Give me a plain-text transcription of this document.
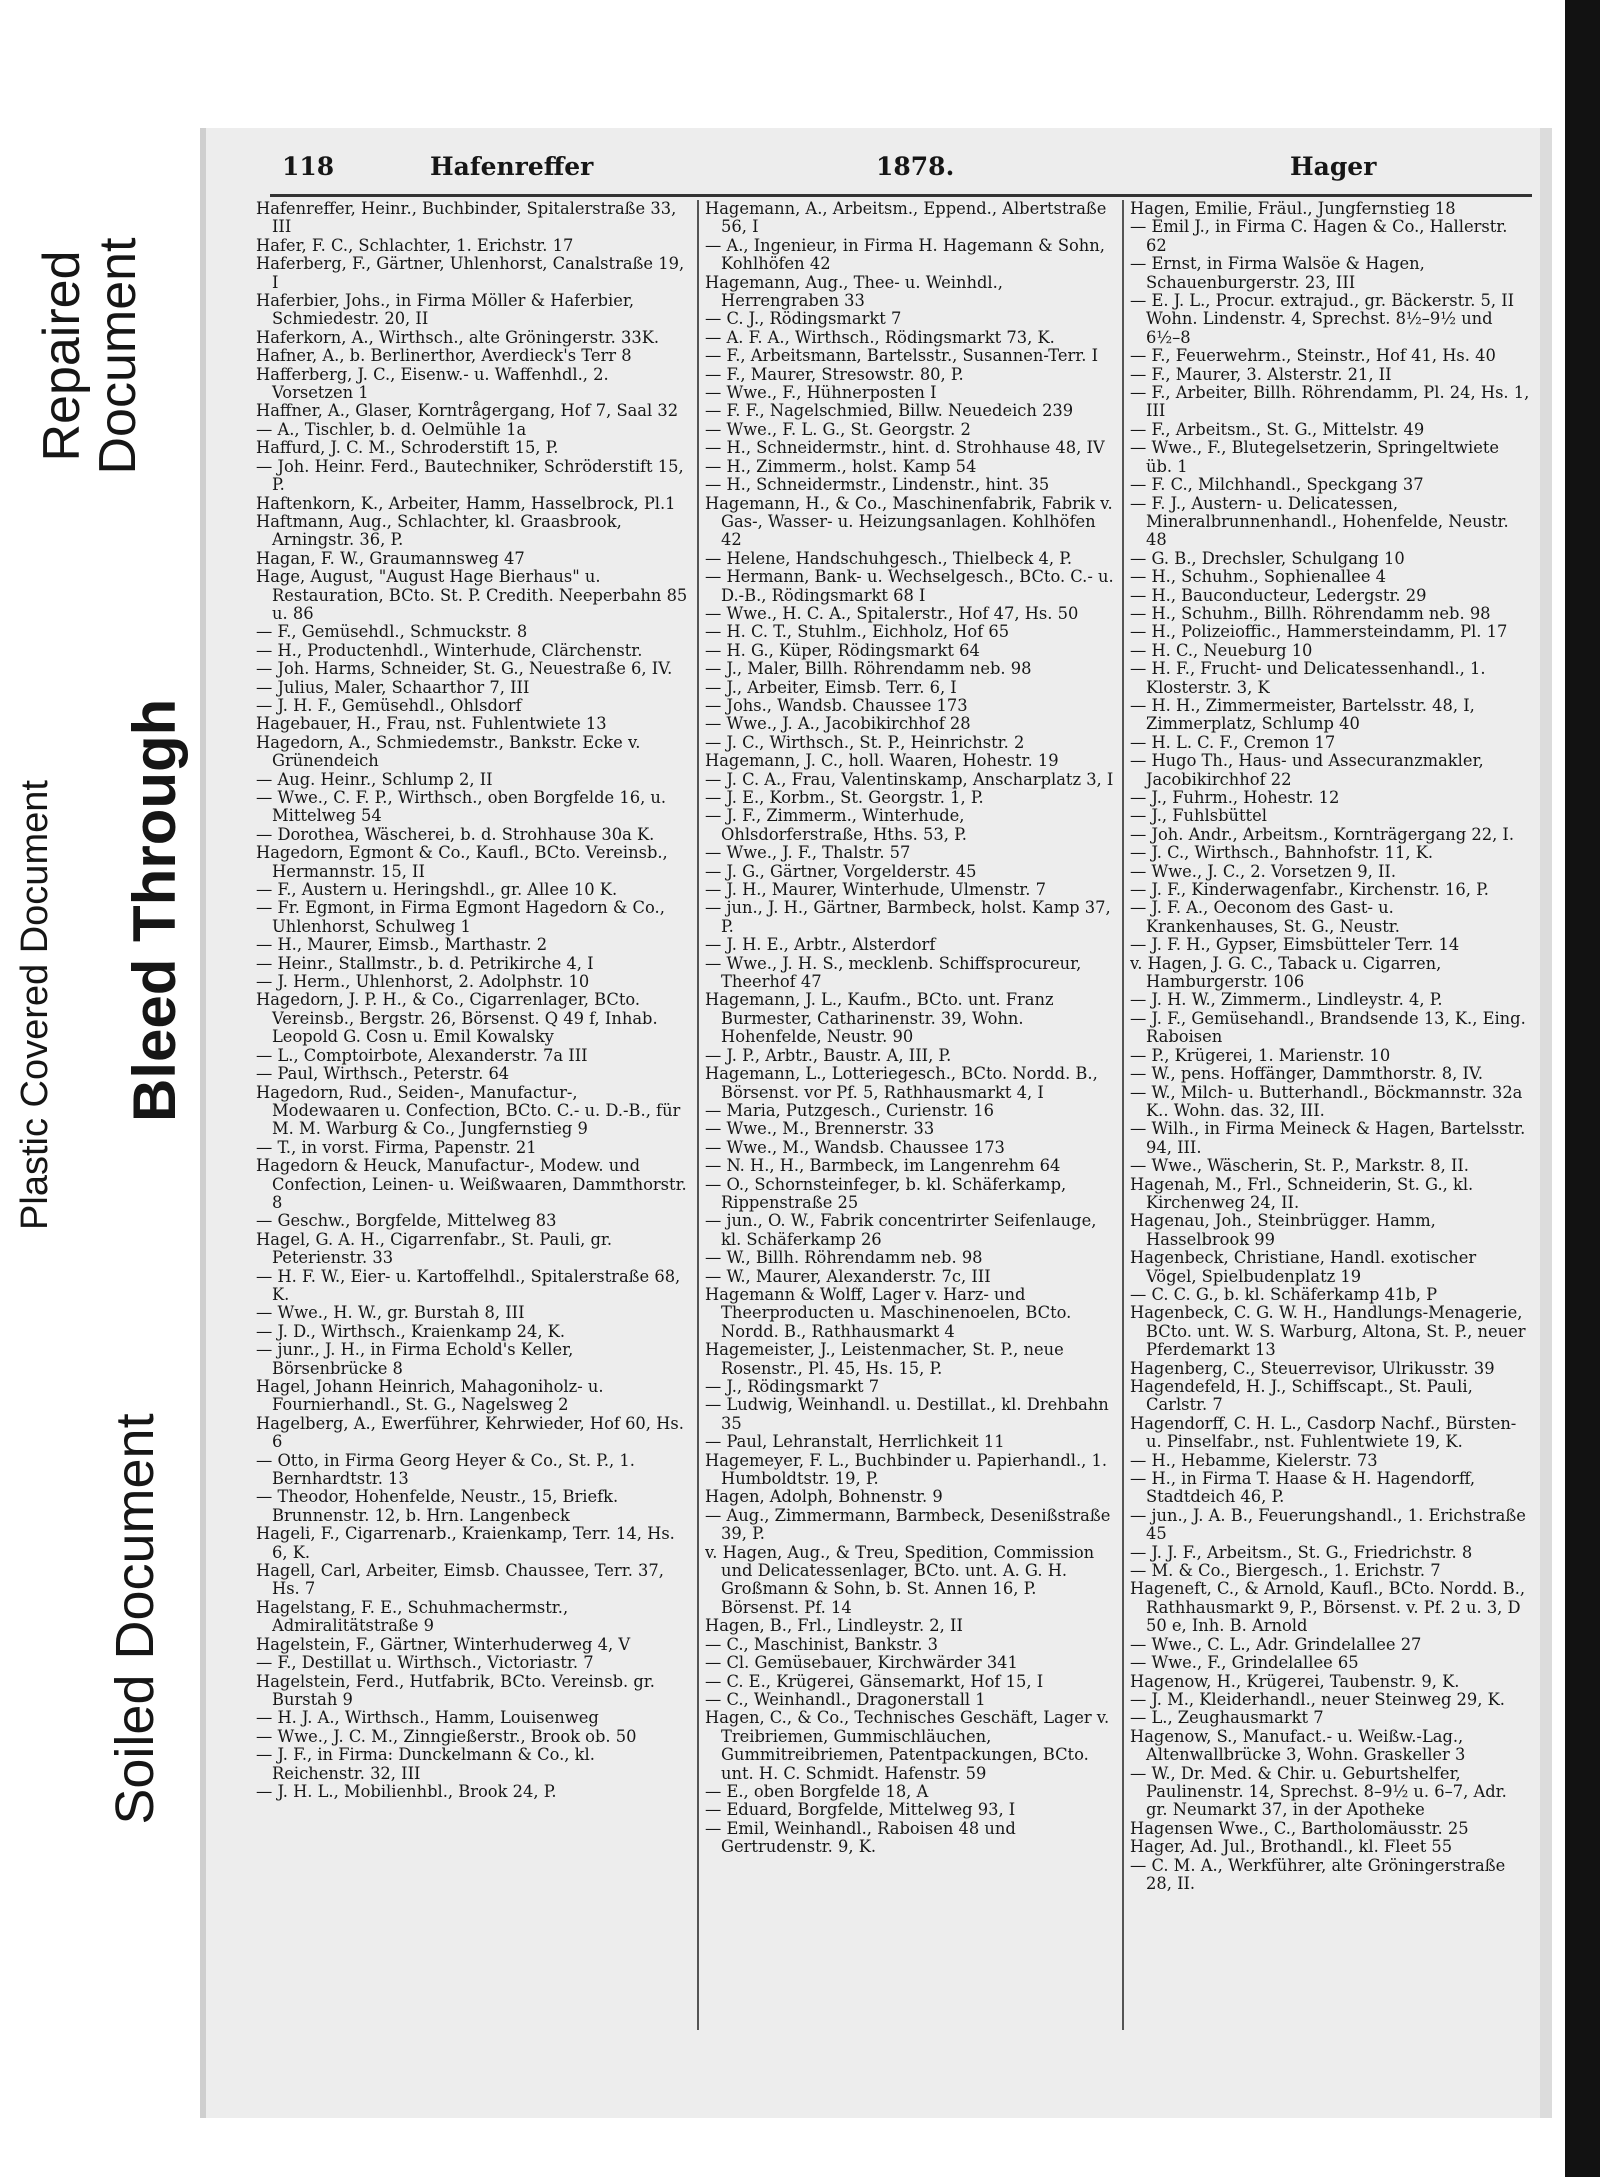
Repaired Document
Plastic Covered Document Bleed Through
Soiled Document
118	Hafenreffer	1878.	Hager

Hafenreffer, Heinr., Buchbinder, Spitalerstraße 33, III

Hafer, F. C., Schlachter, 1. Erichstr. 17

Haferberg, F., Gärtner, Uhlenhorst, Canalstraße 19, I

Haferbier, Johs., in Firma Möller & Haferbier, Schmiedestr. 20, II

Haferkorn, A., Wirthsch., alte Gröningerstr. 33K.

Hafner, A., b. Berlinerthor, Averdieck's Terr 8

Hafferberg, J. C., Eisenw.- u. Waffenhdl., 2. Vorsetzen 1

Haffner, A., Glaser, Korntrågergang, Hof 7, Saal 32

— A., Tischler, b. d. Oelmühle 1a

Haffurd, J. C. M., Schroderstift 15, P.

— Joh. Heinr. Ferd., Bautechniker, Schröderstift 15, P.

Haftenkorn, K., Arbeiter, Hamm, Hasselbrock, Pl.1

Haftmann, Aug., Schlachter, kl. Graasbrook, Arningstr. 36, P.

Hagan, F. W., Graumannsweg 47

Hage, August, "August Hage Bierhaus" u. Restauration, BCto. St. P. Credith. Neeperbahn 85 u. 86

— F., Gemüsehdl., Schmuckstr. 8

— H., Productenhdl., Winterhude, Clärchenstr.

— Joh. Harms, Schneider, St. G., Neuestraße 6, IV.

— Julius, Maler, Schaarthor 7, III

— J. H. F., Gemüsehdl., Ohlsdorf

Hagebauer, H., Frau, nst. Fuhlentwiete 13

Hagedorn, A., Schmiedemstr., Bankstr. Ecke v. Grünendeich

— Aug. Heinr., Schlump 2, II

— Wwe., C. F. P., Wirthsch., oben Borgfelde 16, u. Mittelweg 54

— Dorothea, Wäscherei, b. d. Strohhause 30a K.

Hagedorn, Egmont & Co., Kaufl., BCto. Vereinsb., Hermannstr. 15, II

— F., Austern u. Heringshdl., gr. Allee 10 K.

— Fr. Egmont, in Firma Egmont Hagedorn & Co., Uhlenhorst, Schulweg 1

— H., Maurer, Eimsb., Marthastr. 2

— Heinr., Stallmstr., b. d. Petrikirche 4, I

— J. Herm., Uhlenhorst, 2. Adolphstr. 10

Hagedorn, J. P. H., & Co., Cigarrenlager, BCto. Vereinsb., Bergstr. 26, Börsenst. Q 49 f, Inhab. Leopold G. Cosn u. Emil Kowalsky

— L., Comptoirbote, Alexanderstr. 7a III

— Paul, Wirthsch., Peterstr. 64

Hagedorn, Rud., Seiden-, Manufactur-, Modewaaren u. Confection, BCto. C.- u. D.-B., für M. M. Warburg & Co., Jungfernstieg 9

— T., in vorst. Firma, Papenstr. 21

Hagedorn & Heuck, Manufactur-, Modew. und Confection, Leinen- u. Weißwaaren, Dammthorstr. 8

— Geschw., Borgfelde, Mittelweg 83

Hagel, G. A. H., Cigarrenfabr., St. Pauli, gr. Peterienstr. 33

— H. F. W., Eier- u. Kartoffelhdl., Spitalerstraße 68, K.

— Wwe., H. W., gr. Burstah 8, III

— J. D., Wirthsch., Kraienkamp 24, K.

— junr., J. H., in Firma Echold's Keller, Börsenbrücke 8

Hagel, Johann Heinrich, Mahagoniholz- u. Fournierhandl., St. G., Nagelsweg 2

Hagelberg, A., Ewerführer, Kehrwieder, Hof 60, Hs. 6

— Otto, in Firma Georg Heyer & Co., St. P., 1. Bernhardtstr. 13

— Theodor, Hohenfelde, Neustr., 15, Briefk. Brunnenstr. 12, b. Hrn. Langenbeck

Hageli, F., Cigarrenarb., Kraienkamp, Terr. 14, Hs. 6, K.

Hagell, Carl, Arbeiter, Eimsb. Chaussee, Terr. 37, Hs. 7

Hagelstang, F. E., Schuhmachermstr., Admiralitätstraße 9

Hagelstein, F., Gärtner, Winterhuderweg 4, V

— F., Destillat u. Wirthsch., Victoriastr. 7

Hagelstein, Ferd., Hutfabrik, BCto. Vereinsb. gr. Burstah 9

— H. J. A., Wirthsch., Hamm, Louisenweg

— Wwe., J. C. M., Zinngießerstr., Brook ob. 50

— J. F., in Firma: Dunckelmann & Co., kl. Reichenstr. 32, III

— J. H. L., Mobilienhbl., Brook 24, P.

Hagemann, A., Arbeitsm., Eppend., Albertstraße 56, I

— A., Ingenieur, in Firma H. Hagemann & Sohn, Kohlhöfen 42

Hagemann, Aug., Thee- u. Weinhdl., Herrengraben 33

— C. J., Rödingsmarkt 7

— A. F. A., Wirthsch., Rödingsmarkt 73, K.

— F., Arbeitsmann, Bartelsstr., Susannen-Terr. I

— F., Maurer, Stresowstr. 80, P.

— Wwe., F., Hühnerposten I

— F. F., Nagelschmied, Billw. Neuedeich 239

— Wwe., F. L. G., St. Georgstr. 2

— H., Schneidermstr., hint. d. Strohhause 48, IV

— H., Zimmerm., holst. Kamp 54

— H., Schneidermstr., Lindenstr., hint. 35

Hagemann, H., & Co., Maschinenfabrik, Fabrik v. Gas-, Wasser- u. Heizungsanlagen. Kohlhöfen 42

— Helene, Handschuhgesch., Thielbeck 4, P.

— Hermann, Bank- u. Wechselgesch., BCto. C.- u. D.-B., Rödingsmarkt 68 I

— Wwe., H. C. A., Spitalerstr., Hof 47, Hs. 50

— H. C. T., Stuhlm., Eichholz, Hof 65

— H. G., Küper, Rödingsmarkt 64

— J., Maler, Billh. Röhrendamm neb. 98

— J., Arbeiter, Eimsb. Terr. 6, I

— Johs., Wandsb. Chaussee 173

— Wwe., J. A., Jacobikirchhof 28

— J. C., Wirthsch., St. P., Heinrichstr. 2

Hagemann, J. C., holl. Waaren, Hohestr. 19

— J. C. A., Frau, Valentinskamp, Anscharplatz 3, I

— J. E., Korbm., St. Georgstr. 1, P.

— J. F., Zimmerm., Winterhude, Ohlsdorferstraße, Hths. 53, P.

— Wwe., J. F., Thalstr. 57

— J. G., Gärtner, Vorgelderstr. 45

— J. H., Maurer, Winterhude, Ulmenstr. 7

— jun., J. H., Gärtner, Barmbeck, holst. Kamp 37, P.

— J. H. E., Arbtr., Alsterdorf

— Wwe., J. H. S., mecklenb. Schiffsprocureur, Theerhof 47

Hagemann, J. L., Kaufm., BCto. unt. Franz Burmester, Catharinenstr. 39, Wohn. Hohenfelde, Neustr. 90

— J. P., Arbtr., Baustr. A, III, P.

Hagemann, L., Lotteriegesch., BCto. Nordd. B., Börsenst. vor Pf. 5, Rathhausmarkt 4, I

— Maria, Putzgesch., Curienstr. 16

— Wwe., M., Brennerstr. 33

— Wwe., M., Wandsb. Chaussee 173

— N. H., H., Barmbeck, im Langenrehm 64

— O., Schornsteinfeger, b. kl. Schäferkamp, Rippenstraße 25

— jun., O. W., Fabrik concentrirter Seifenlauge, kl. Schäferkamp 26

— W., Billh. Röhrendamm neb. 98

— W., Maurer, Alexanderstr. 7c, III

Hagemann & Wolff, Lager v. Harz- und Theerproducten u. Maschinenoelen, BCto. Nordd. B., Rathhausmarkt 4

Hagemeister, J., Leistenmacher, St. P., neue Rosenstr., Pl. 45, Hs. 15, P.

— J., Rödingsmarkt 7

— Ludwig, Weinhandl. u. Destillat., kl. Drehbahn 35

— Paul, Lehranstalt, Herrlichkeit 11

Hagemeyer, F. L., Buchbinder u. Papierhandl., 1. Humboldtstr. 19, P.

Hagen, Adolph, Bohnenstr. 9

— Aug., Zimmermann, Barmbeck, Desenißstraße 39, P.

v. Hagen, Aug., & Treu, Spedition, Commission und Delicatessenlager, BCto. unt. A. G. H. Großmann & Sohn, b. St. Annen 16, P. Börsenst. Pf. 14

Hagen, B., Frl., Lindleystr. 2, II

— C., Maschinist, Bankstr. 3

— Cl. Gemüsebauer, Kirchwärder 341

— C. E., Krügerei, Gänsemarkt, Hof 15, I

— C., Weinhandl., Dragonerstall 1

Hagen, C., & Co., Technisches Geschäft, Lager v. Treibriemen, Gummischläuchen, Gummitreibriemen, Patentpackungen, BCto. unt. H. C. Schmidt. Hafenstr. 59

— E., oben Borgfelde 18, A

— Eduard, Borgfelde, Mittelweg 93, I

— Emil, Weinhandl., Raboisen 48 und Gertrudenstr. 9, K.

Hagen, Emilie, Fräul., Jungfernstieg 18

— Emil J., in Firma C. Hagen & Co., Hallerstr. 62

— Ernst, in Firma Walsöe & Hagen, Schauenburgerstr. 23, III

— E. J. L., Procur. extrajud., gr. Bäckerstr. 5, II Wohn. Lindenstr. 4, Sprechst. 8½–9½ und 6½–8

— F., Feuerwehrm., Steinstr., Hof 41, Hs. 40

— F., Maurer, 3. Alsterstr. 21, II

— F., Arbeiter, Billh. Röhrendamm, Pl. 24, Hs. 1, III

— F., Arbeitsm., St. G., Mittelstr. 49

— Wwe., F., Blutegelsetzerin, Springeltwiete üb. 1

— F. C., Milchhandl., Speckgang 37

— F. J., Austern- u. Delicatessen, Mineralbrunnenhandl., Hohenfelde, Neustr. 48

— G. B., Drechsler, Schulgang 10

— H., Schuhm., Sophienallee 4

— H., Bauconducteur, Ledergstr. 29

— H., Schuhm., Billh. Röhrendamm neb. 98

— H., Polizeioffic., Hammersteindamm, Pl. 17

— H. C., Neueburg 10

— H. F., Frucht- und Delicatessenhandl., 1. Klosterstr. 3, K

— H. H., Zimmermeister, Bartelsstr. 48, I, Zimmerplatz, Schlump 40

— H. L. C. F., Cremon 17

— Hugo Th., Haus- und Assecuranzmakler, Jacobikirchhof 22

— J., Fuhrm., Hohestr. 12

— J., Fuhlsbüttel

— Joh. Andr., Arbeitsm., Kornträgergang 22, I.

— J. C., Wirthsch., Bahnhofstr. 11, K.

— Wwe., J. C., 2. Vorsetzen 9, II.

— J. F., Kinderwagenfabr., Kirchenstr. 16, P.

— J. F. A., Oeconom des Gast- u. Krankenhauses, St. G., Neustr.

— J. F. H., Gypser, Eimsbütteler Terr. 14

v. Hagen, J. G. C., Taback u. Cigarren, Hamburgerstr. 106

— J. H. W., Zimmerm., Lindleystr. 4, P.

— J. F., Gemüsehandl., Brandsende 13, K., Eing. Raboisen

— P., Krügerei, 1. Marienstr. 10

— W., pens. Hoffänger, Dammthorstr. 8, IV.

— W., Milch- u. Butterhandl., Böckmannstr. 32a K.. Wohn. das. 32, III.

— Wilh., in Firma Meineck & Hagen, Bartelsstr. 94, III.

— Wwe., Wäscherin, St. P., Markstr. 8, II.

Hagenah, M., Frl., Schneiderin, St. G., kl. Kirchenweg 24, II.

Hagenau, Joh., Steinbrügger. Hamm, Hasselbrook 99

Hagenbeck, Christiane, Handl. exotischer Vögel, Spielbudenplatz 19

— C. C. G., b. kl. Schäferkamp 41b, P

Hagenbeck, C. G. W. H., Handlungs-Menagerie, BCto. unt. W. S. Warburg, Altona, St. P., neuer Pferdemarkt 13

Hagenberg, C., Steuerrevisor, Ulrikusstr. 39

Hagendefeld, H. J., Schiffscapt., St. Pauli, Carlstr. 7

Hagendorff, C. H. L., Casdorp Nachf., Bürsten- u. Pinselfabr., nst. Fuhlentwiete 19, K.

— H., Hebamme, Kielerstr. 73

— H., in Firma T. Haase & H. Hagendorff, Stadtdeich 46, P.

— jun., J. A. B., Feuerungshandl., 1. Erichstraße 45

— J. J. F., Arbeitsm., St. G., Friedrichstr. 8

— M. & Co., Biergesch., 1. Erichstr. 7

Hageneft, C., & Arnold, Kaufl., BCto. Nordd. B., Rathhausmarkt 9, P., Börsenst. v. Pf. 2 u. 3, D 50 e, Inh. B. Arnold

— Wwe., C. L., Adr. Grindelallee 27

— Wwe., F., Grindelallee 65

Hagenow, H., Krügerei, Taubenstr. 9, K.

— J. M., Kleiderhandl., neuer Steinweg 29, K.

— L., Zeughausmarkt 7

Hagenow, S., Manufact.- u. Weißw.-Lag., Altenwallbrücke 3, Wohn. Graskeller 3

— W., Dr. Med. & Chir. u. Geburtshelfer, Paulinenstr. 14, Sprechst. 8–9½ u. 6–7, Adr. gr. Neumarkt 37, in der Apotheke

Hagensen Wwe., C., Bartholomäusstr. 25

Hager, Ad. Jul., Brothandl., kl. Fleet 55

— C. M. A., Werkführer, alte Gröningerstraße 28, II.
